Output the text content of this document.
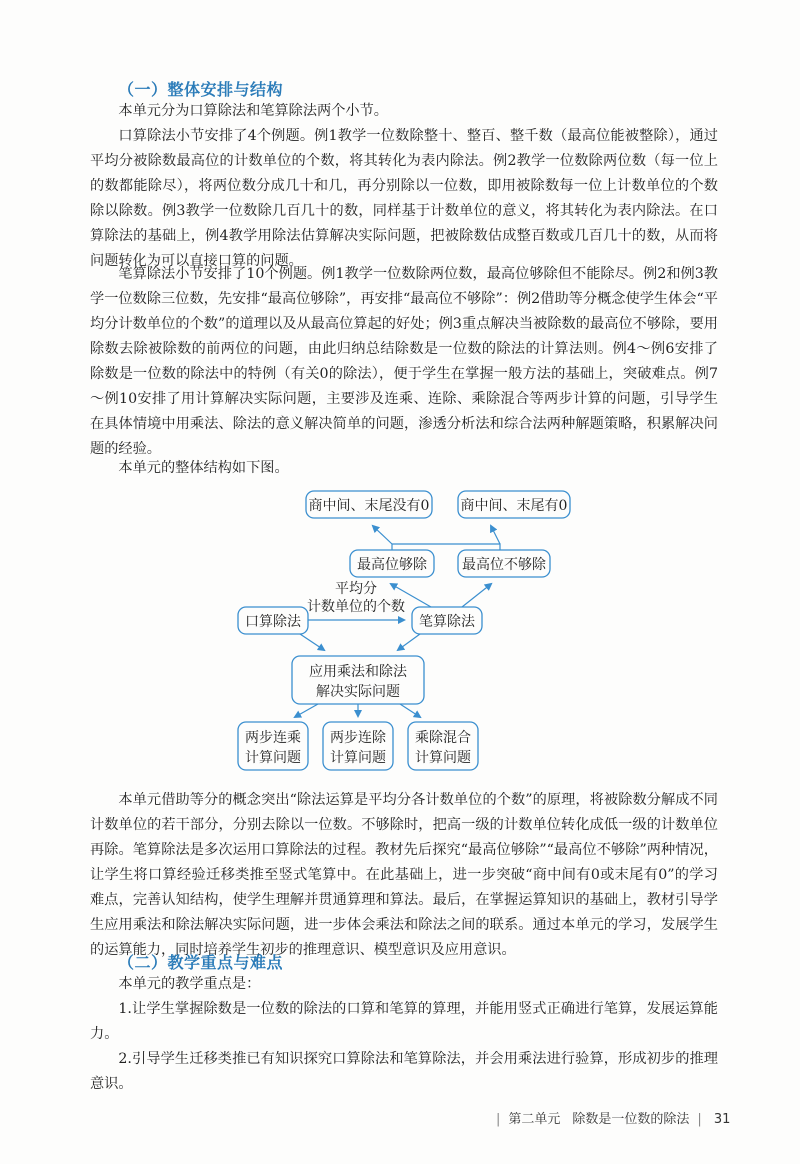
（一）整体安排与结构
本单元分为口算除法和笔算除法两个小节。
口算除法小节安排了4个例题。例1教学一位数除整十、整百、整千数（最高位能被整除），通过平均分被除数最高位的计数单位的个数，将其转化为表内除法。例2教学一位数除两位数（每一位上的数都能除尽），将两位数分成几十和几，再分别除以一位数，即用被除数每一位上计数单位的个数除以除数。例3教学一位数除几百几十的数，同样基于计数单位的意义，将其转化为表内除法。在口算除法的基础上，例4教学用除法估算解决实际问题，把被除数估成整百数或几百几十的数，从而将问题转化为可以直接口算的问题。
笔算除法小节安排了10个例题。例1教学一位数除两位数，最高位够除但不能除尽。例2和例3教学一位数除三位数，先安排“最高位够除”，再安排“最高位不够除”：例2借助等分概念使学生体会“平均分计数单位的个数”的道理以及从最高位算起的好处；例3重点解决当被除数的最高位不够除，要用除数去除被除数的前两位的问题，由此归纳总结除数是一位数的除法的计算法则。例4～例6安排了除数是一位数的除法中的特例（有关0的除法），便于学生在掌握一般方法的基础上，突破难点。例7～例10安排了用计算解决实际问题，主要涉及连乘、连除、乘除混合等两步计算的问题，引导学生在具体情境中用乘法、除法的意义解决简单的问题，渗透分析法和综合法两种解题策略，积累解决问题的经验。
本单元的整体结构如下图。
商中间、末尾没有0 商中间、末尾有0
最高位够除	最高位不够除
口算除法	笔算除法
平均分
计数单位的个数
应用乘法和除法
解决实际问题
两步连乘
计算问题
两步连除
计算问题
乘除混合
计算问题
本单元借助等分的概念突出“除法运算是平均分各计数单位的个数”的原理，将被除数分解成不同计数单位的若干部分，分别去除以一位数。不够除时，把高一级的计数单位转化成低一级的计数单位再除。笔算除法是多次运用口算除法的过程。教材先后探究“最高位够除”“最高位不够除”两种情况，让学生将口算经验迁移类推至竖式笔算中。在此基础上，进一步突破“商中间有0或末尾有0”的学习难点，完善认知结构，使学生理解并贯通算理和算法。最后，在掌握运算知识的基础上，教材引导学生应用乘法和除法解决实际问题，进一步体会乘法和除法之间的联系。通过本单元的学习，发展学生的运算能力，同时培养学生初步的推理意识、模型意识及应用意识。
（二）教学重点与难点
本单元的教学重点是：
1.让学生掌握除数是一位数的除法的口算和笔算的算理，并能用竖式正确进行笔算，发展运算能力。
2.引导学生迁移类推已有知识探究口算除法和笔算除法，并会用乘法进行验算，形成初步的推理意识。
| 第二单元 除数是一位数的除法 | 31
